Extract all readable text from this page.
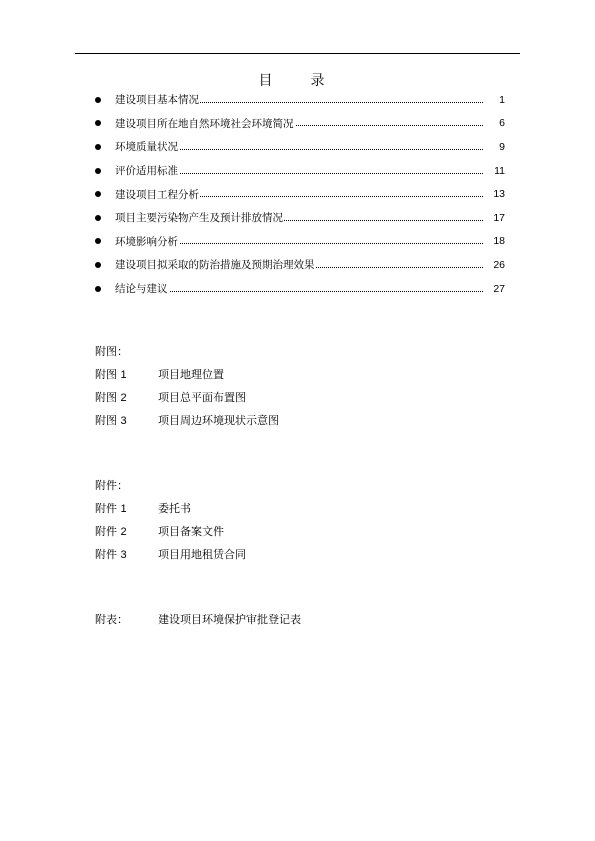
目　录
建设项目基本情况	1
建设项目所在地自然环境社会环境简况	6
环境质量状况	9
评价适用标准	11
建设项目工程分析	13
项目主要污染物产生及预计排放情况	17
环境影响分析	18
建设项目拟采取的防治措施及预期治理效果	26
结论与建议	27
附图：
附图 1	项目地理位置
附图 2	项目总平面布置图
附图 3	项目周边环境现状示意图
附件：
附件 1	委托书
附件 2	项目备案文件
附件 3	项目用地租赁合同
附表：	建设项目环境保护审批登记表
